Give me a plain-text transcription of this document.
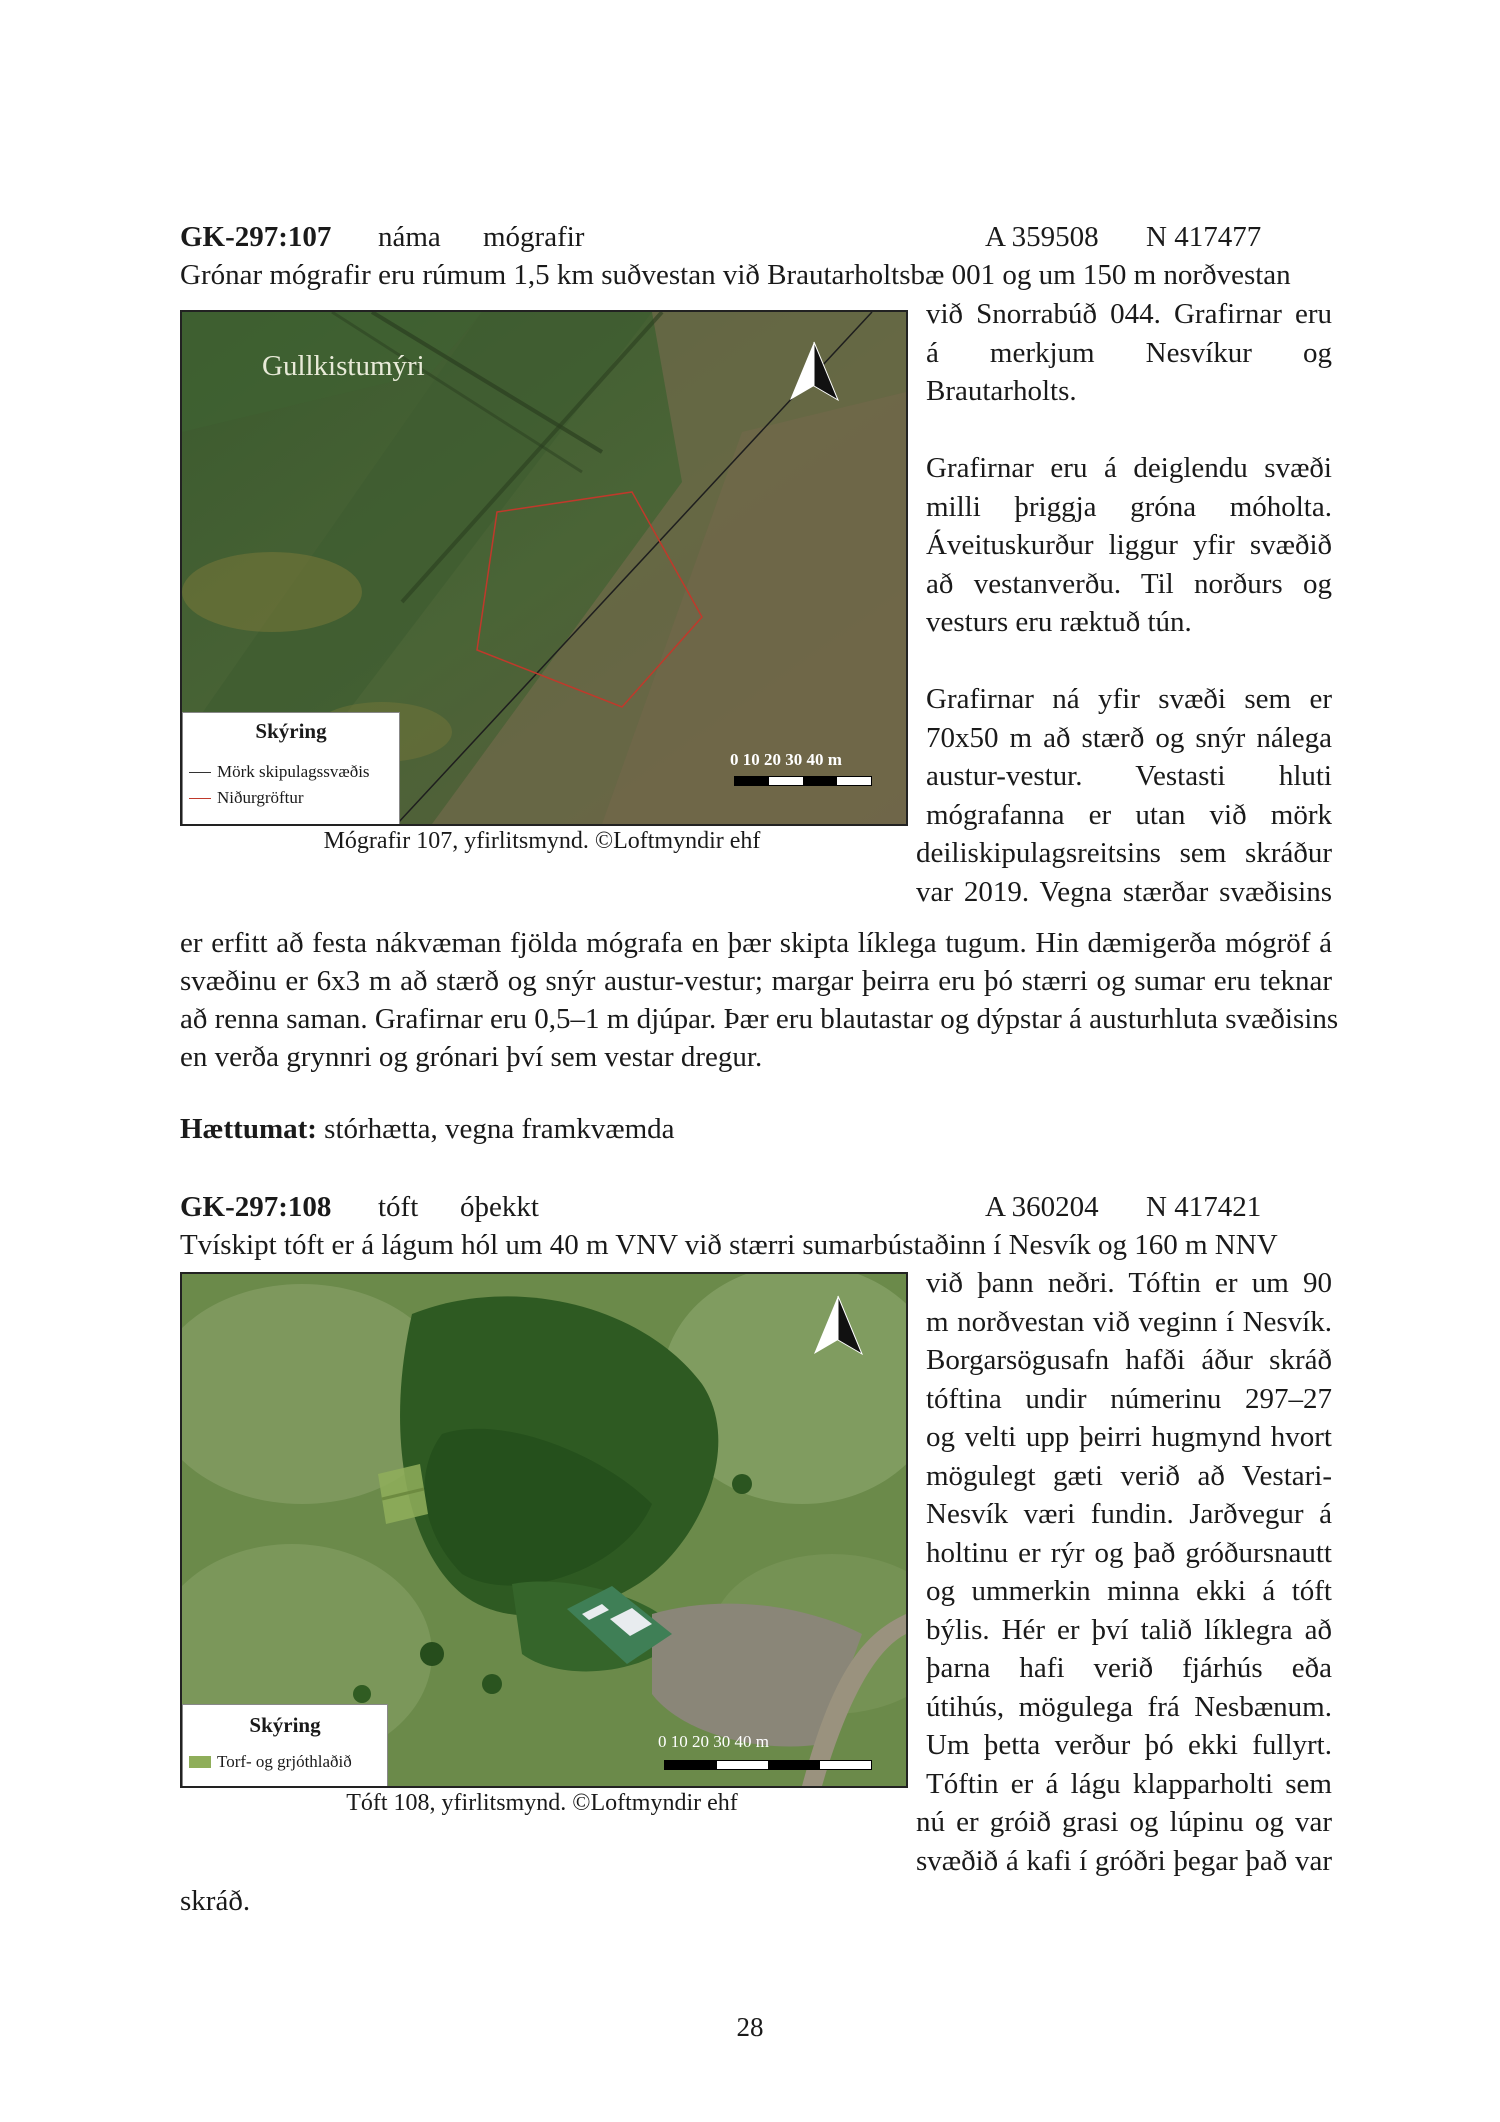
GK-297:107 náma mógrafir	A 359508 N 417477
Grónar mógrafir eru rúmum 1,5 km suðvestan við Brautarholtsbæ 001 og um 150 m norðvestan
Gullkistumýri
0 10 20 30 40 m
Skýring
Mörk skipulagssvæðis
Niðurgröftur
Mógrafir 107, yfirlitsmynd. ©Loftmyndir ehf

við Snorrabúð 044. Grafirnar eru

á merkjum Nesvíkur og

Brautarholts.

Grafirnar eru á deiglendu svæði

milli þriggja gróna móholta.

Áveituskurður liggur yfir svæðið

að vestanverðu. Til norðurs og

vesturs eru ræktuð tún.

Grafirnar ná yfir svæði sem er

70x50 m að stærð og snýr nálega

austur-vestur. Vestasti hluti

mógrafanna er utan við mörk

deiliskipulagsreitsins sem skráður

var 2019. Vegna stærðar svæðisins

er erfitt að festa nákvæman fjölda mógrafa en þær skipta líklega tugum. Hin dæmigerða mógröf á
svæðinu er 6x3 m að stærð og snýr austur-vestur; margar þeirra eru þó stærri og sumar eru teknar
að renna saman. Grafirnar eru 0,5–1 m djúpar. Þær eru blautastar og dýpstar á austurhluta svæðisins
en verða grynnri og grónari því sem vestar dregur.
Hættumat: stórhætta, vegna framkvæmda
GK-297:108 tóft óþekkt	A 360204 N 417421
Tvískipt tóft er á lágum hól um 40 m VNV við stærri sumarbústaðinn í Nesvík og 160 m NNV
0 10 20 30 40 m
Skýring
Torf- og grjóthlaðið
Tóft 108, yfirlitsmynd. ©Loftmyndir ehf

við þann neðri. Tóftin er um 90

m norðvestan við veginn í Nesvík.

Borgarsögusafn hafði áður skráð

tóftina undir númerinu 297–27

og velti upp þeirri hugmynd hvort

mögulegt gæti verið að Vestari-

Nesvík væri fundin. Jarðvegur á

holtinu er rýr og það gróðursnautt

og ummerkin minna ekki á tóft

býlis. Hér er því talið líklegra að

þarna hafi verið fjárhús eða

útihús, mögulega frá Nesbænum.

Um þetta verður þó ekki fullyrt.

Tóftin er á lágu klapparholti sem

nú er gróið grasi og lúpinu og var

svæðið á kafi í gróðri þegar það var

skráð.
28
